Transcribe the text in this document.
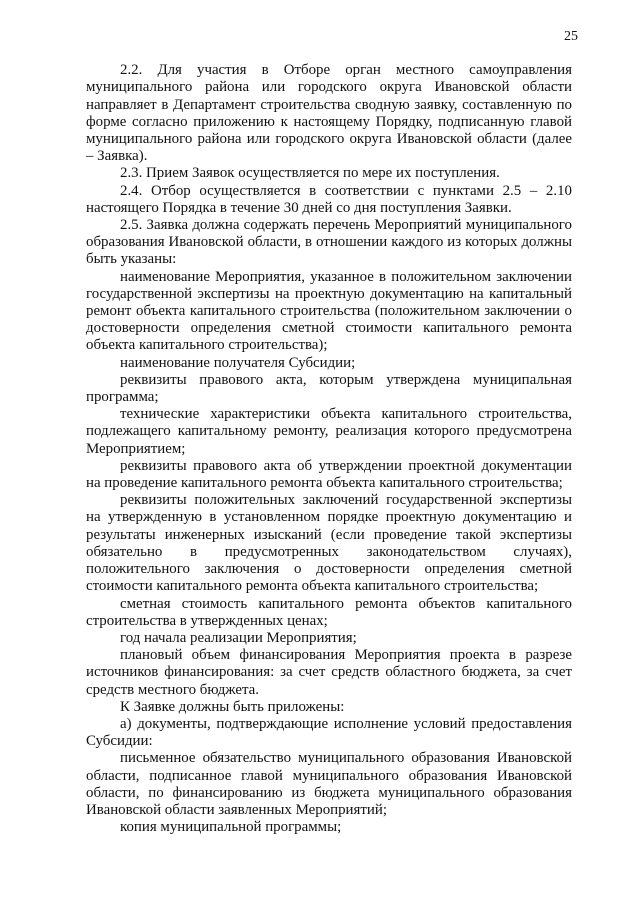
25

2.2. Для участия в Отборе орган местного самоуправления муниципального района или городского округа Ивановской области направляет в Департамент строительства сводную заявку, составленную по форме согласно приложению к настоящему Порядку, подписанную главой муниципального района или городского округа Ивановской области (далее – Заявка).

2.3. Прием Заявок осуществляется по мере их поступления.

2.4. Отбор осуществляется в соответствии с пунктами 2.5 – 2.10 настоящего Порядка в течение 30 дней со дня поступления Заявки.

2.5. Заявка должна содержать перечень Мероприятий муниципального образования Ивановской области, в отношении каждого из которых должны быть указаны:

наименование Мероприятия, указанное в положительном заключении государственной экспертизы на проектную документацию на капитальный ремонт объекта капитального строительства (положительном заключении о достоверности определения сметной стоимости капитального ремонта объекта капитального строительства);

наименование получателя Субсидии;

реквизиты правового акта, которым утверждена муниципальная программа;

технические характеристики объекта капитального строительства, подлежащего капитальному ремонту, реализация которого предусмотрена Мероприятием;

реквизиты правового акта об утверждении проектной документации на проведение капитального ремонта объекта капитального строительства;

реквизиты положительных заключений государственной экспертизы на утвержденную в установленном порядке проектную документацию и результаты инженерных изысканий (если проведение такой экспертизы обязательно в предусмотренных законодательством случаях), положительного заключения о достоверности определения сметной стоимости капитального ремонта объекта капитального строительства;

сметная стоимость капитального ремонта объектов капитального строительства в утвержденных ценах;

год начала реализации Мероприятия;

плановый объем финансирования Мероприятия проекта в разрезе источников финансирования: за счет средств областного бюджета, за счет средств местного бюджета.

К Заявке должны быть приложены:

а) документы, подтверждающие исполнение условий предоставления Субсидии:

письменное обязательство муниципального образования Ивановской области, подписанное главой муниципального образования Ивановской области, по финансированию из бюджета муниципального образования Ивановской области заявленных Мероприятий;

копия муниципальной программы;
